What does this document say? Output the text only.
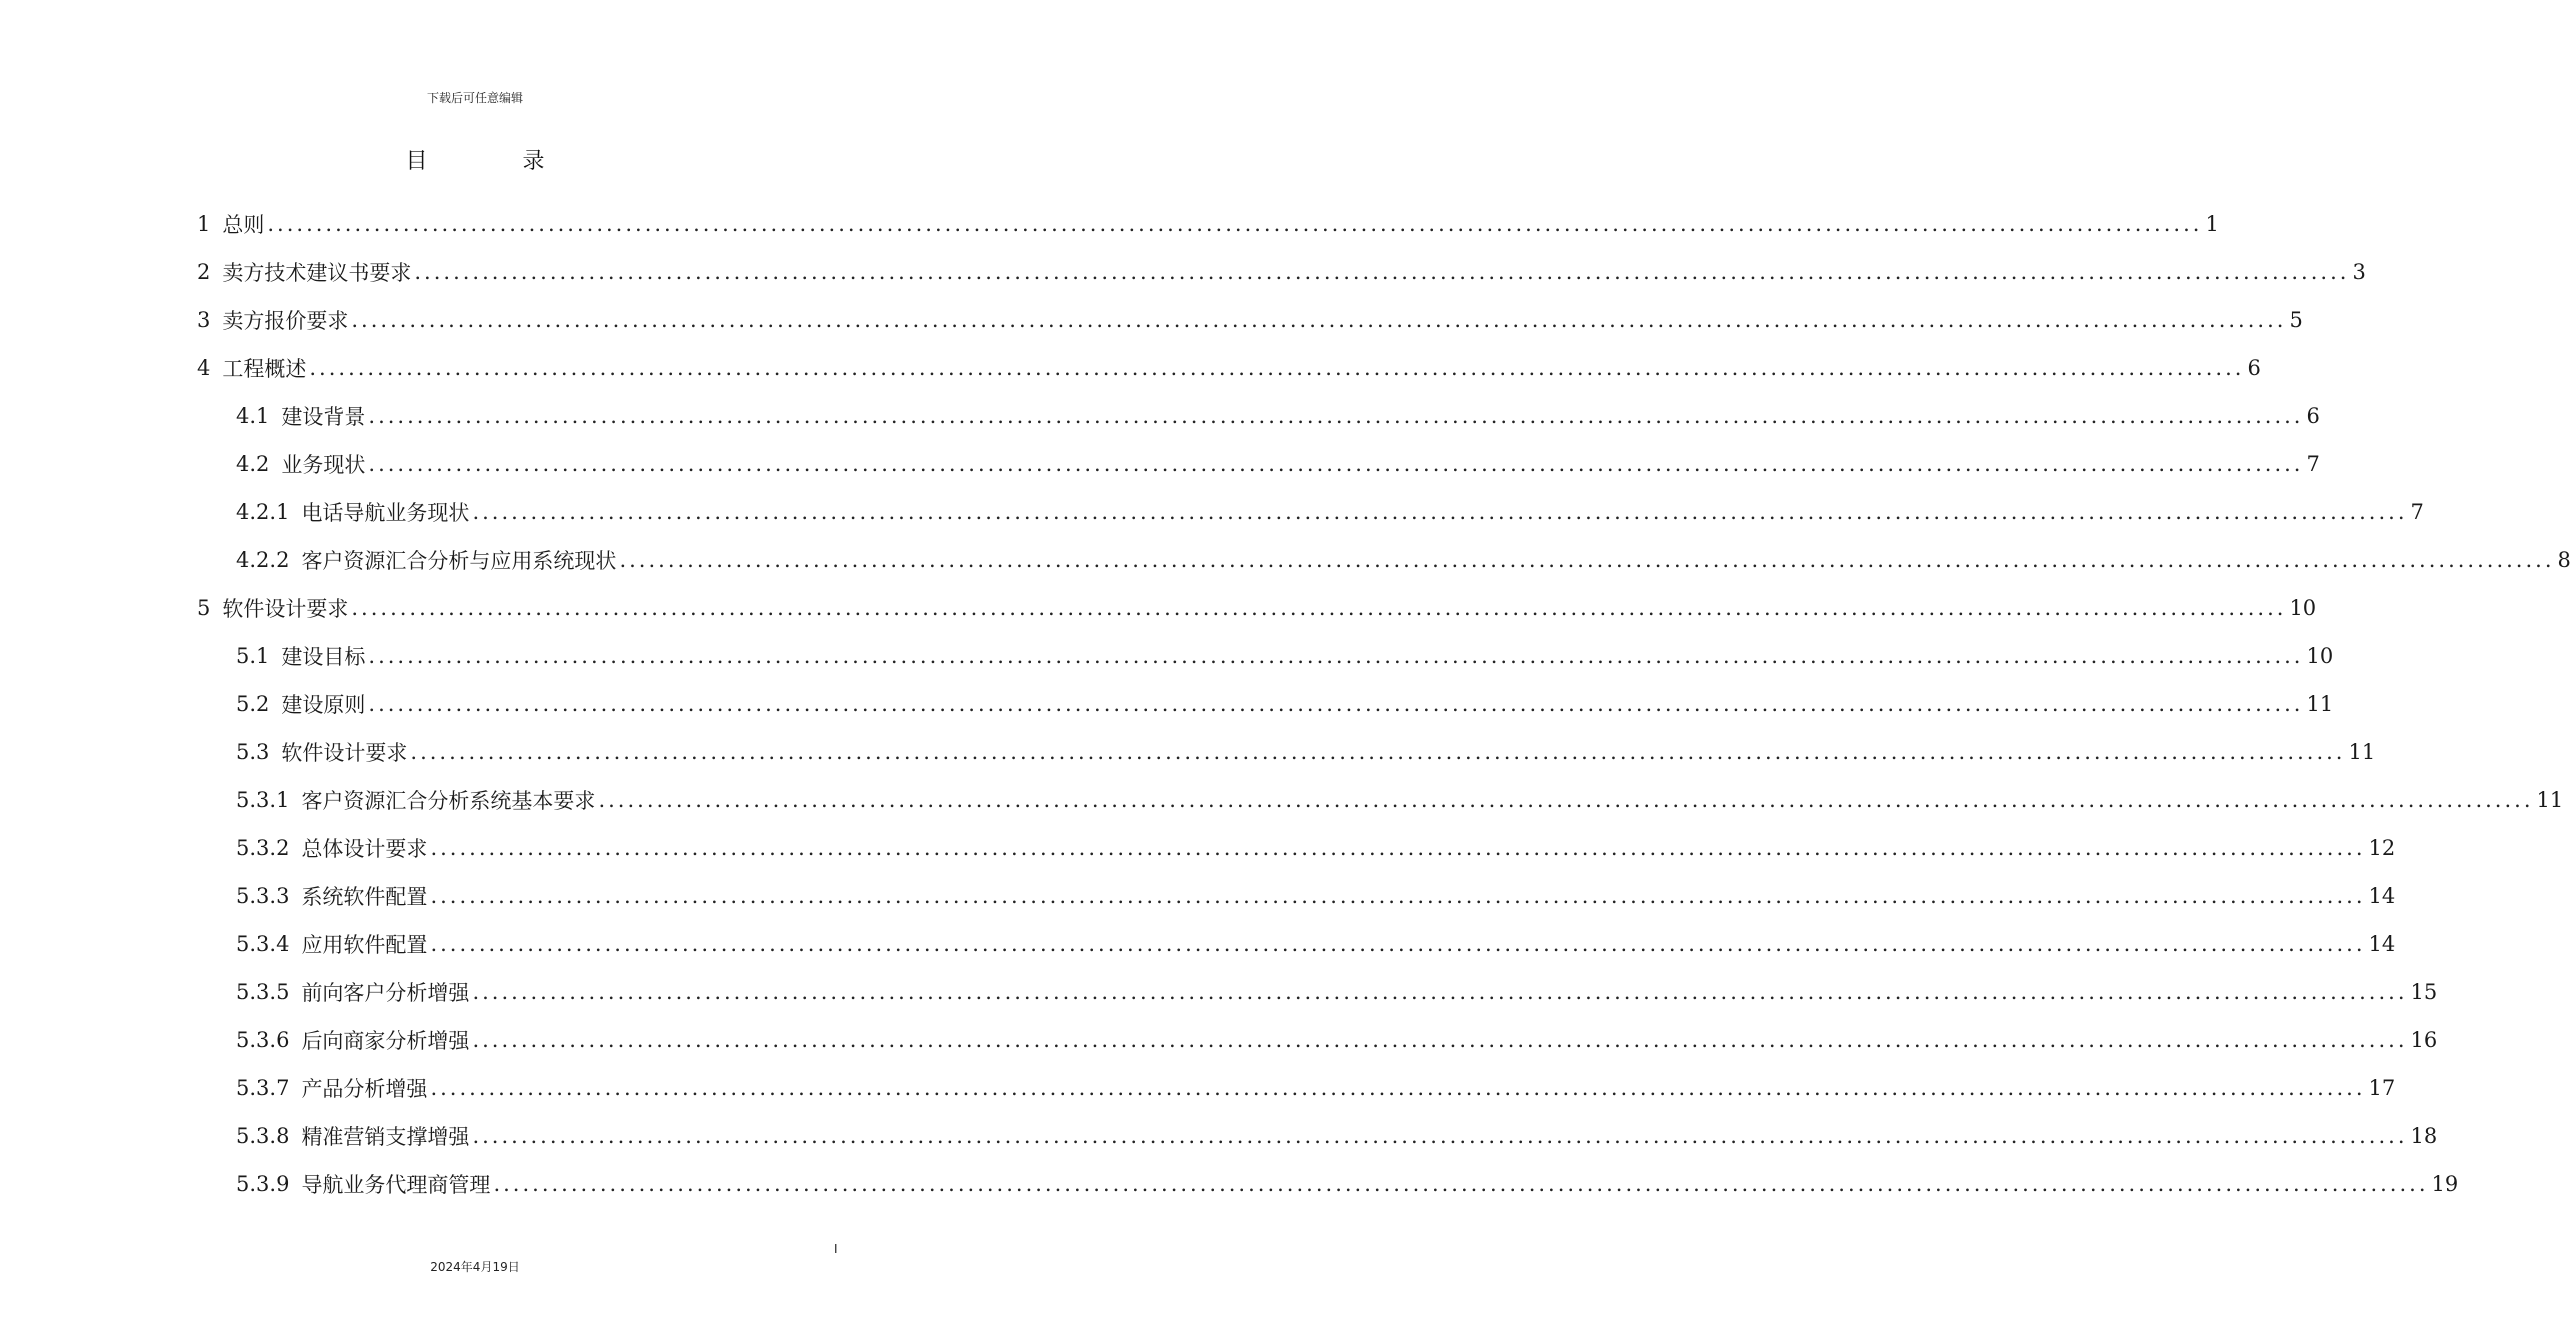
下载后可任意编辑
目 录
1 总则 ........................................................................................................................................................................................................ 1
2 卖方技术建议书要求 ........................................................................................................................................................................................................ 3
3 卖方报价要求 ........................................................................................................................................................................................................ 5
4 工程概述 ........................................................................................................................................................................................................ 6
4.1 建设背景 ........................................................................................................................................................................................................ 6
4.2 业务现状 ........................................................................................................................................................................................................ 7
4.2.1 电话导航业务现状 ........................................................................................................................................................................................................ 7
4.2.2 客户资源汇合分析与应用系统现状 ........................................................................................................................................................................................................ 8
5 软件设计要求 ........................................................................................................................................................................................................ 10
5.1 建设目标 ........................................................................................................................................................................................................ 10
5.2 建设原则 ........................................................................................................................................................................................................ 11
5.3 软件设计要求 ........................................................................................................................................................................................................ 11
5.3.1 客户资源汇合分析系统基本要求 ........................................................................................................................................................................................................ 11
5.3.2 总体设计要求 ........................................................................................................................................................................................................ 12
5.3.3 系统软件配置 ........................................................................................................................................................................................................ 14
5.3.4 应用软件配置 ........................................................................................................................................................................................................ 14
5.3.5 前向客户分析增强 ........................................................................................................................................................................................................ 15
5.3.6 后向商家分析增强 ........................................................................................................................................................................................................ 16
5.3.7 产品分析增强 ........................................................................................................................................................................................................ 17
5.3.8 精准营销支撑增强 ........................................................................................................................................................................................................ 18
5.3.9 导航业务代理商管理 ........................................................................................................................................................................................................ 19
I
2024年4月19日
